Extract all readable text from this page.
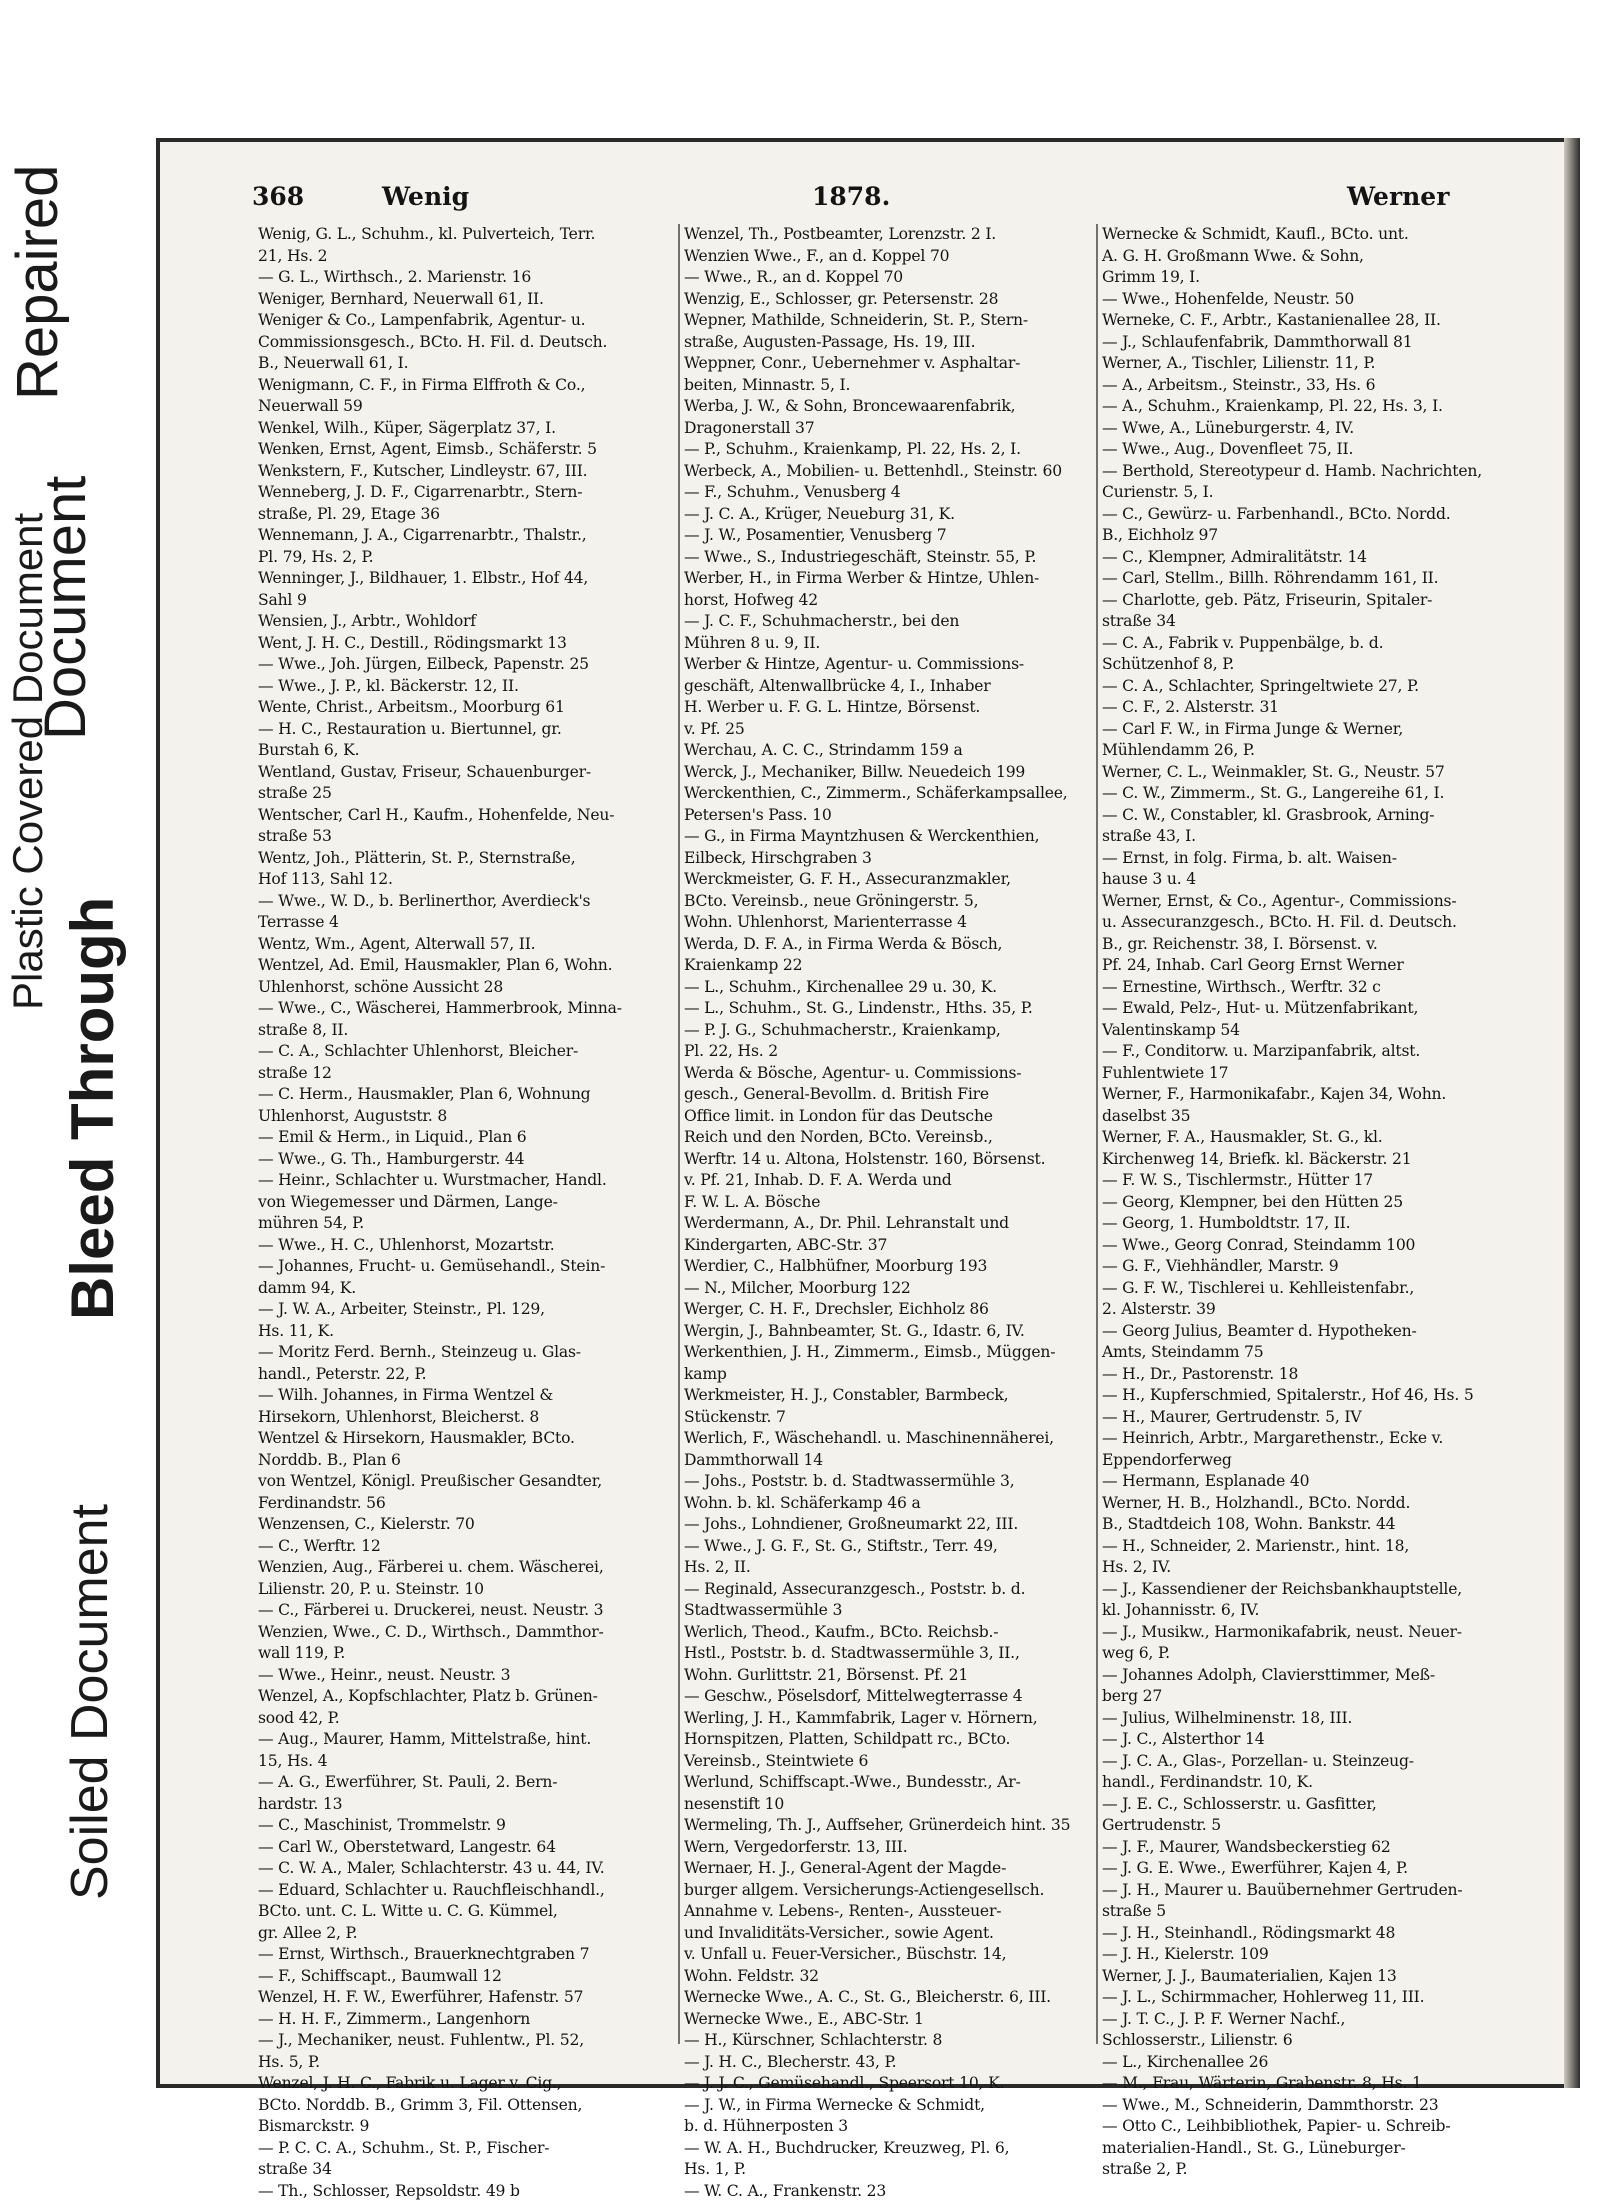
Plastic Covered Document
Bleed Through
Soiled Document
Repaired
Document
368	Wenig	1878.	Werner

Wenig, G. L., Schuhm., kl. Pulverteich, Terr.

21, Hs. 2

— G. L., Wirthsch., 2. Marienstr. 16

Weniger, Bernhard, Neuerwall 61, II.

Weniger & Co., Lampenfabrik, Agentur- u.

Commissionsgesch., BCto. H. Fil. d. Deutsch.

B., Neuerwall 61, I.

Wenigmann, C. F., in Firma Elffroth & Co.,

Neuerwall 59

Wenkel, Wilh., Küper, Sägerplatz 37, I.

Wenken, Ernst, Agent, Eimsb., Schäferstr. 5

Wenkstern, F., Kutscher, Lindleystr. 67, III.

Wenneberg, J. D. F., Cigarrenarbtr., Stern-

straße, Pl. 29, Etage 36

Wennemann, J. A., Cigarrenarbtr., Thalstr.,

Pl. 79, Hs. 2, P.

Wenninger, J., Bildhauer, 1. Elbstr., Hof 44,

Sahl 9

Wensien, J., Arbtr., Wohldorf

Went, J. H. C., Destill., Rödingsmarkt 13

— Wwe., Joh. Jürgen, Eilbeck, Papenstr. 25

— Wwe., J. P., kl. Bäckerstr. 12, II.

Wente, Christ., Arbeitsm., Moorburg 61

— H. C., Restauration u. Biertunnel, gr.

Burstah 6, K.

Wentland, Gustav, Friseur, Schauenburger-

straße 25

Wentscher, Carl H., Kaufm., Hohenfelde, Neu-

straße 53

Wentz, Joh., Plätterin, St. P., Sternstraße,

Hof 113, Sahl 12.

— Wwe., W. D., b. Berlinerthor, Averdieck's

Terrasse 4

Wentz, Wm., Agent, Alterwall 57, II.

Wentzel, Ad. Emil, Hausmakler, Plan 6, Wohn.

Uhlenhorst, schöne Aussicht 28

— Wwe., C., Wäscherei, Hammerbrook, Minna-

straße 8, II.

— C. A., Schlachter Uhlenhorst, Bleicher-

straße 12

— C. Herm., Hausmakler, Plan 6, Wohnung

Uhlenhorst, Auguststr. 8

— Emil & Herm., in Liquid., Plan 6

— Wwe., G. Th., Hamburgerstr. 44

— Heinr., Schlachter u. Wurstmacher, Handl.

von Wiegemesser und Därmen, Lange-

mühren 54, P.

— Wwe., H. C., Uhlenhorst, Mozartstr.

— Johannes, Frucht- u. Gemüsehandl., Stein-

damm 94, K.

— J. W. A., Arbeiter, Steinstr., Pl. 129,

Hs. 11, K.

— Moritz Ferd. Bernh., Steinzeug u. Glas-

handl., Peterstr. 22, P.

— Wilh. Johannes, in Firma Wentzel &

Hirsekorn, Uhlenhorst, Bleicherst. 8

Wentzel & Hirsekorn, Hausmakler, BCto.

Norddb. B., Plan 6

von Wentzel, Königl. Preußischer Gesandter,

Ferdinandstr. 56

Wenzensen, C., Kielerstr. 70

— C., Werftr. 12

Wenzien, Aug., Färberei u. chem. Wäscherei,

Lilienstr. 20, P. u. Steinstr. 10

— C., Färberei u. Druckerei, neust. Neustr. 3

Wenzien, Wwe., C. D., Wirthsch., Dammthor-

wall 119, P.

— Wwe., Heinr., neust. Neustr. 3

Wenzel, A., Kopfschlachter, Platz b. Grünen-

sood 42, P.

— Aug., Maurer, Hamm, Mittelstraße, hint.

15, Hs. 4

— A. G., Ewerführer, St. Pauli, 2. Bern-

hardstr. 13

— C., Maschinist, Trommelstr. 9

— Carl W., Oberstetward, Langestr. 64

— C. W. A., Maler, Schlachterstr. 43 u. 44, IV.

— Eduard, Schlachter u. Rauchfleischhandl.,

BCto. unt. C. L. Witte u. C. G. Kümmel,

gr. Allee 2, P.

— Ernst, Wirthsch., Brauerknechtgraben 7

— F., Schiffscapt., Baumwall 12

Wenzel, H. F. W., Ewerführer, Hafenstr. 57

— H. H. F., Zimmerm., Langenhorn

— J., Mechaniker, neust. Fuhlentw., Pl. 52,

Hs. 5, P.

Wenzel, J. H. C., Fabrik u. Lager v. Cig.,

BCto. Norddb. B., Grimm 3, Fil. Ottensen,

Bismarckstr. 9

— P. C. C. A., Schuhm., St. P., Fischer-

straße 34

— Th., Schlosser, Repsoldstr. 49 b

Wenzel, Th., Postbeamter, Lorenzstr. 2 I.

Wenzien Wwe., F., an d. Koppel 70

— Wwe., R., an d. Koppel 70

Wenzig, E., Schlosser, gr. Petersenstr. 28

Wepner, Mathilde, Schneiderin, St. P., Stern-

straße, Augusten-Passage, Hs. 19, III.

Weppner, Conr., Uebernehmer v. Asphaltar-

beiten, Minnastr. 5, I.

Werba, J. W., & Sohn, Broncewaarenfabrik,

Dragonerstall 37

— P., Schuhm., Kraienkamp, Pl. 22, Hs. 2, I.

Werbeck, A., Mobilien- u. Bettenhdl., Steinstr. 60

— F., Schuhm., Venusberg 4

— J. C. A., Krüger, Neueburg 31, K.

— J. W., Posamentier, Venusberg 7

— Wwe., S., Industriegeschäft, Steinstr. 55, P.

Werber, H., in Firma Werber & Hintze, Uhlen-

horst, Hofweg 42

— J. C. F., Schuhmacherstr., bei den

Mühren 8 u. 9, II.

Werber & Hintze, Agentur- u. Commissions-

geschäft, Altenwallbrücke 4, I., Inhaber

H. Werber u. F. G. L. Hintze, Börsenst.

v. Pf. 25

Werchau, A. C. C., Strindamm 159 a

Werck, J., Mechaniker, Billw. Neuedeich 199

Werckenthien, C., Zimmerm., Schäferkampsallee,

Petersen's Pass. 10

— G., in Firma Mayntzhusen & Werckenthien,

Eilbeck, Hirschgraben 3

Werckmeister, G. F. H., Assecuranzmakler,

BCto. Vereinsb., neue Gröningerstr. 5,

Wohn. Uhlenhorst, Marienterrasse 4

Werda, D. F. A., in Firma Werda & Bösch,

Kraienkamp 22

— L., Schuhm., Kirchenallee 29 u. 30, K.

— L., Schuhm., St. G., Lindenstr., Hths. 35, P.

— P. J. G., Schuhmacherstr., Kraienkamp,

Pl. 22, Hs. 2

Werda & Bösche, Agentur- u. Commissions-

gesch., General-Bevollm. d. British Fire

Office limit. in London für das Deutsche

Reich und den Norden, BCto. Vereinsb.,

Werftr. 14 u. Altona, Holstenstr. 160, Börsenst.

v. Pf. 21, Inhab. D. F. A. Werda und

F. W. L. A. Bösche

Werdermann, A., Dr. Phil. Lehranstalt und

Kindergarten, ABC-Str. 37

Werdier, C., Halbhüfner, Moorburg 193

— N., Milcher, Moorburg 122

Werger, C. H. F., Drechsler, Eichholz 86

Wergin, J., Bahnbeamter, St. G., Idastr. 6, IV.

Werkenthien, J. H., Zimmerm., Eimsb., Müggen-

kamp

Werkmeister, H. J., Constabler, Barmbeck,

Stückenstr. 7

Werlich, F., Wäschehandl. u. Maschinennäherei,

Dammthorwall 14

— Johs., Poststr. b. d. Stadtwassermühle 3,

Wohn. b. kl. Schäferkamp 46 a

— Johs., Lohndiener, Großneumarkt 22, III.

— Wwe., J. G. F., St. G., Stiftstr., Terr. 49,

Hs. 2, II.

— Reginald, Assecuranzgesch., Poststr. b. d.

Stadtwassermühle 3

Werlich, Theod., Kaufm., BCto. Reichsb.-

Hstl., Poststr. b. d. Stadtwassermühle 3, II.,

Wohn. Gurlittstr. 21, Börsenst. Pf. 21

— Geschw., Pöselsdorf, Mittelwegterrasse 4

Werling, J. H., Kammfabrik, Lager v. Hörnern,

Hornspitzen, Platten, Schildpatt rc., BCto.

Vereinsb., Steintwiete 6

Werlund, Schiffscapt.-Wwe., Bundesstr., Ar-

nesenstift 10

Wermeling, Th. J., Auffseher, Grünerdeich hint. 35

Wern, Vergedorferstr. 13, III.

Wernaer, H. J., General-Agent der Magde-

burger allgem. Versicherungs-Actiengesellsch.

Annahme v. Lebens-, Renten-, Aussteuer-

und Invaliditäts-Versicher., sowie Agent.

v. Unfall u. Feuer-Versicher., Büschstr. 14,

Wohn. Feldstr. 32

Wernecke Wwe., A. C., St. G., Bleicherstr. 6, III.

Wernecke Wwe., E., ABC-Str. 1

— H., Kürschner, Schlachterstr. 8

— J. H. C., Blecherstr. 43, P.

— J. J. C., Gemüsehandl., Speersort 10, K.

— J. W., in Firma Wernecke & Schmidt,

b. d. Hühnerposten 3

— W. A. H., Buchdrucker, Kreuzweg, Pl. 6,

Hs. 1, P.

— W. C. A., Frankenstr. 23

Wernecke & Schmidt, Kaufl., BCto. unt.

A. G. H. Großmann Wwe. & Sohn,

Grimm 19, I.

— Wwe., Hohenfelde, Neustr. 50

Werneke, C. F., Arbtr., Kastanienallee 28, II.

— J., Schlaufenfabrik, Dammthorwall 81

Werner, A., Tischler, Lilienstr. 11, P.

— A., Arbeitsm., Steinstr., 33, Hs. 6

— A., Schuhm., Kraienkamp, Pl. 22, Hs. 3, I.

— Wwe, A., Lüneburgerstr. 4, IV.

— Wwe., Aug., Dovenfleet 75, II.

— Berthold, Stereotypeur d. Hamb. Nachrichten,

Curienstr. 5, I.

— C., Gewürz- u. Farbenhandl., BCto. Nordd.

B., Eichholz 97

— C., Klempner, Admiralitätstr. 14

— Carl, Stellm., Billh. Röhrendamm 161, II.

— Charlotte, geb. Pätz, Friseurin, Spitaler-

straße 34

— C. A., Fabrik v. Puppenbälge, b. d.

Schützenhof 8, P.

— C. A., Schlachter, Springeltwiete 27, P.

— C. F., 2. Alsterstr. 31

— Carl F. W., in Firma Junge & Werner,

Mühlendamm 26, P.

Werner, C. L., Weinmakler, St. G., Neustr. 57

— C. W., Zimmerm., St. G., Langereihe 61, I.

— C. W., Constabler, kl. Grasbrook, Arning-

straße 43, I.

— Ernst, in folg. Firma, b. alt. Waisen-

hause 3 u. 4

Werner, Ernst, & Co., Agentur-, Commissions-

u. Assecuranzgesch., BCto. H. Fil. d. Deutsch.

B., gr. Reichenstr. 38, I. Börsenst. v.

Pf. 24, Inhab. Carl Georg Ernst Werner

— Ernestine, Wirthsch., Werftr. 32 c

— Ewald, Pelz-, Hut- u. Mützenfabrikant,

Valentinskamp 54

— F., Conditorw. u. Marzipanfabrik, altst.

Fuhlentwiete 17

Werner, F., Harmonikafabr., Kajen 34, Wohn.

daselbst 35

Werner, F. A., Hausmakler, St. G., kl.

Kirchenweg 14, Briefk. kl. Bäckerstr. 21

— F. W. S., Tischlermstr., Hütter 17

— Georg, Klempner, bei den Hütten 25

— Georg, 1. Humboldtstr. 17, II.

— Wwe., Georg Conrad, Steindamm 100

— G. F., Viehhändler, Marstr. 9

— G. F. W., Tischlerei u. Kehlleistenfabr.,

2. Alsterstr. 39

— Georg Julius, Beamter d. Hypotheken-

Amts, Steindamm 75

— H., Dr., Pastorenstr. 18

— H., Kupferschmied, Spitalerstr., Hof 46, Hs. 5

— H., Maurer, Gertrudenstr. 5, IV

— Heinrich, Arbtr., Margarethenstr., Ecke v.

Eppendorferweg

— Hermann, Esplanade 40

Werner, H. B., Holzhandl., BCto. Nordd.

B., Stadtdeich 108, Wohn. Bankstr. 44

— H., Schneider, 2. Marienstr., hint. 18,

Hs. 2, IV.

— J., Kassendiener der Reichsbankhauptstelle,

kl. Johannisstr. 6, IV.

— J., Musikw., Harmonikafabrik, neust. Neuer-

weg 6, P.

— Johannes Adolph, Claviersttimmer, Meß-

berg 27

— Julius, Wilhelminenstr. 18, III.

— J. C., Alsterthor 14

— J. C. A., Glas-, Porzellan- u. Steinzeug-

handl., Ferdinandstr. 10, K.

— J. E. C., Schlosserstr. u. Gasfitter,

Gertrudenstr. 5

— J. F., Maurer, Wandsbeckerstieg 62

— J. G. E. Wwe., Ewerführer, Kajen 4, P.

— J. H., Maurer u. Bauübernehmer Gertruden-

straße 5

— J. H., Steinhandl., Rödingsmarkt 48

— J. H., Kielerstr. 109

Werner, J. J., Baumaterialien, Kajen 13

— J. L., Schirmmacher, Hohlerweg 11, III.

— J. T. C., J. P. F. Werner Nachf.,

Schlosserstr., Lilienstr. 6

— L., Kirchenallee 26

— M., Frau, Wärterin, Grabenstr. 8, Hs. 1

— Wwe., M., Schneiderin, Dammthorstr. 23

— Otto C., Leihbibliothek, Papier- u. Schreib-

materialien-Handl., St. G., Lüneburger-

straße 2, P.
